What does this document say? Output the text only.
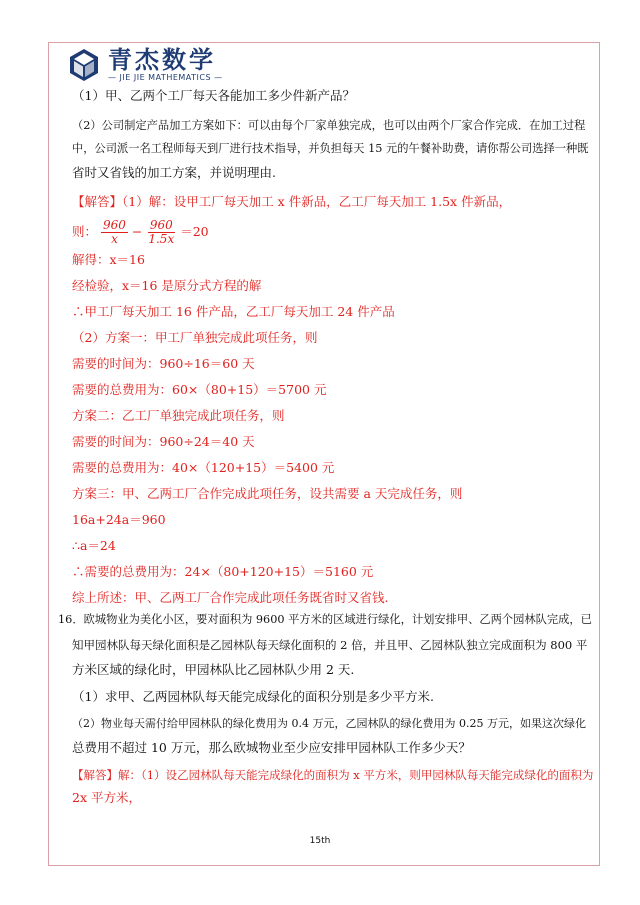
青杰数学
— JIE JIE MATHEMATICS —
（1）甲、乙两个工厂每天各能加工多少件新产品？
（2）公司制定产品加工方案如下：可以由每个厂家单独完成，也可以由两个厂家合作完成．在加工过程
中，公司派一名工程师每天到厂进行技术指导，并负担每天 15 元的午餐补助费，请你帮公司选择一种既
省时又省钱的加工方案，并说明理由.
【解答】（1）解：设甲工厂每天加工 x 件新品，乙工厂每天加工 1.5x 件新品，
则： $\frac{960}{x} - \frac{960}{1.5x} =20$
解得：x＝16
经检验，x＝16 是原分式方程的解
∴甲工厂每天加工 16 件产品，乙工厂每天加工 24 件产品
（2）方案一：甲工厂单独完成此项任务，则
需要的时间为：960÷16＝60 天
需要的总费用为：60×（80+15）＝5700 元
方案二：乙工厂单独完成此项任务，则
需要的时间为：960÷24＝40 天
需要的总费用为：40×（120+15）＝5400 元
方案三：甲、乙两工厂合作完成此项任务，设共需要 a 天完成任务，则
16a+24a＝960
∴a＝24
∴需要的总费用为：24×（80+120+15）＝5160 元
综上所述：甲、乙两工厂合作完成此项任务既省时又省钱.
16．欧城物业为美化小区，要对面积为 9600 平方米的区域进行绿化，计划安排甲、乙两个园林队完成，已
知甲园林队每天绿化面积是乙园林队每天绿化面积的 2 倍，并且甲、乙园林队独立完成面积为 800 平
方米区域的绿化时，甲园林队比乙园林队少用 2 天.
（1）求甲、乙两园林队每天能完成绿化的面积分别是多少平方米.
（2）物业每天需付给甲园林队的绿化费用为 0.4 万元，乙园林队的绿化费用为 0.25 万元，如果这次绿化
总费用不超过 10 万元，那么欧城物业至少应安排甲园林队工作多少天？
【解答】解：（1）设乙园林队每天能完成绿化的面积为 x 平方米，则甲园林队每天能完成绿化的面积为
2x 平方米，
15th
